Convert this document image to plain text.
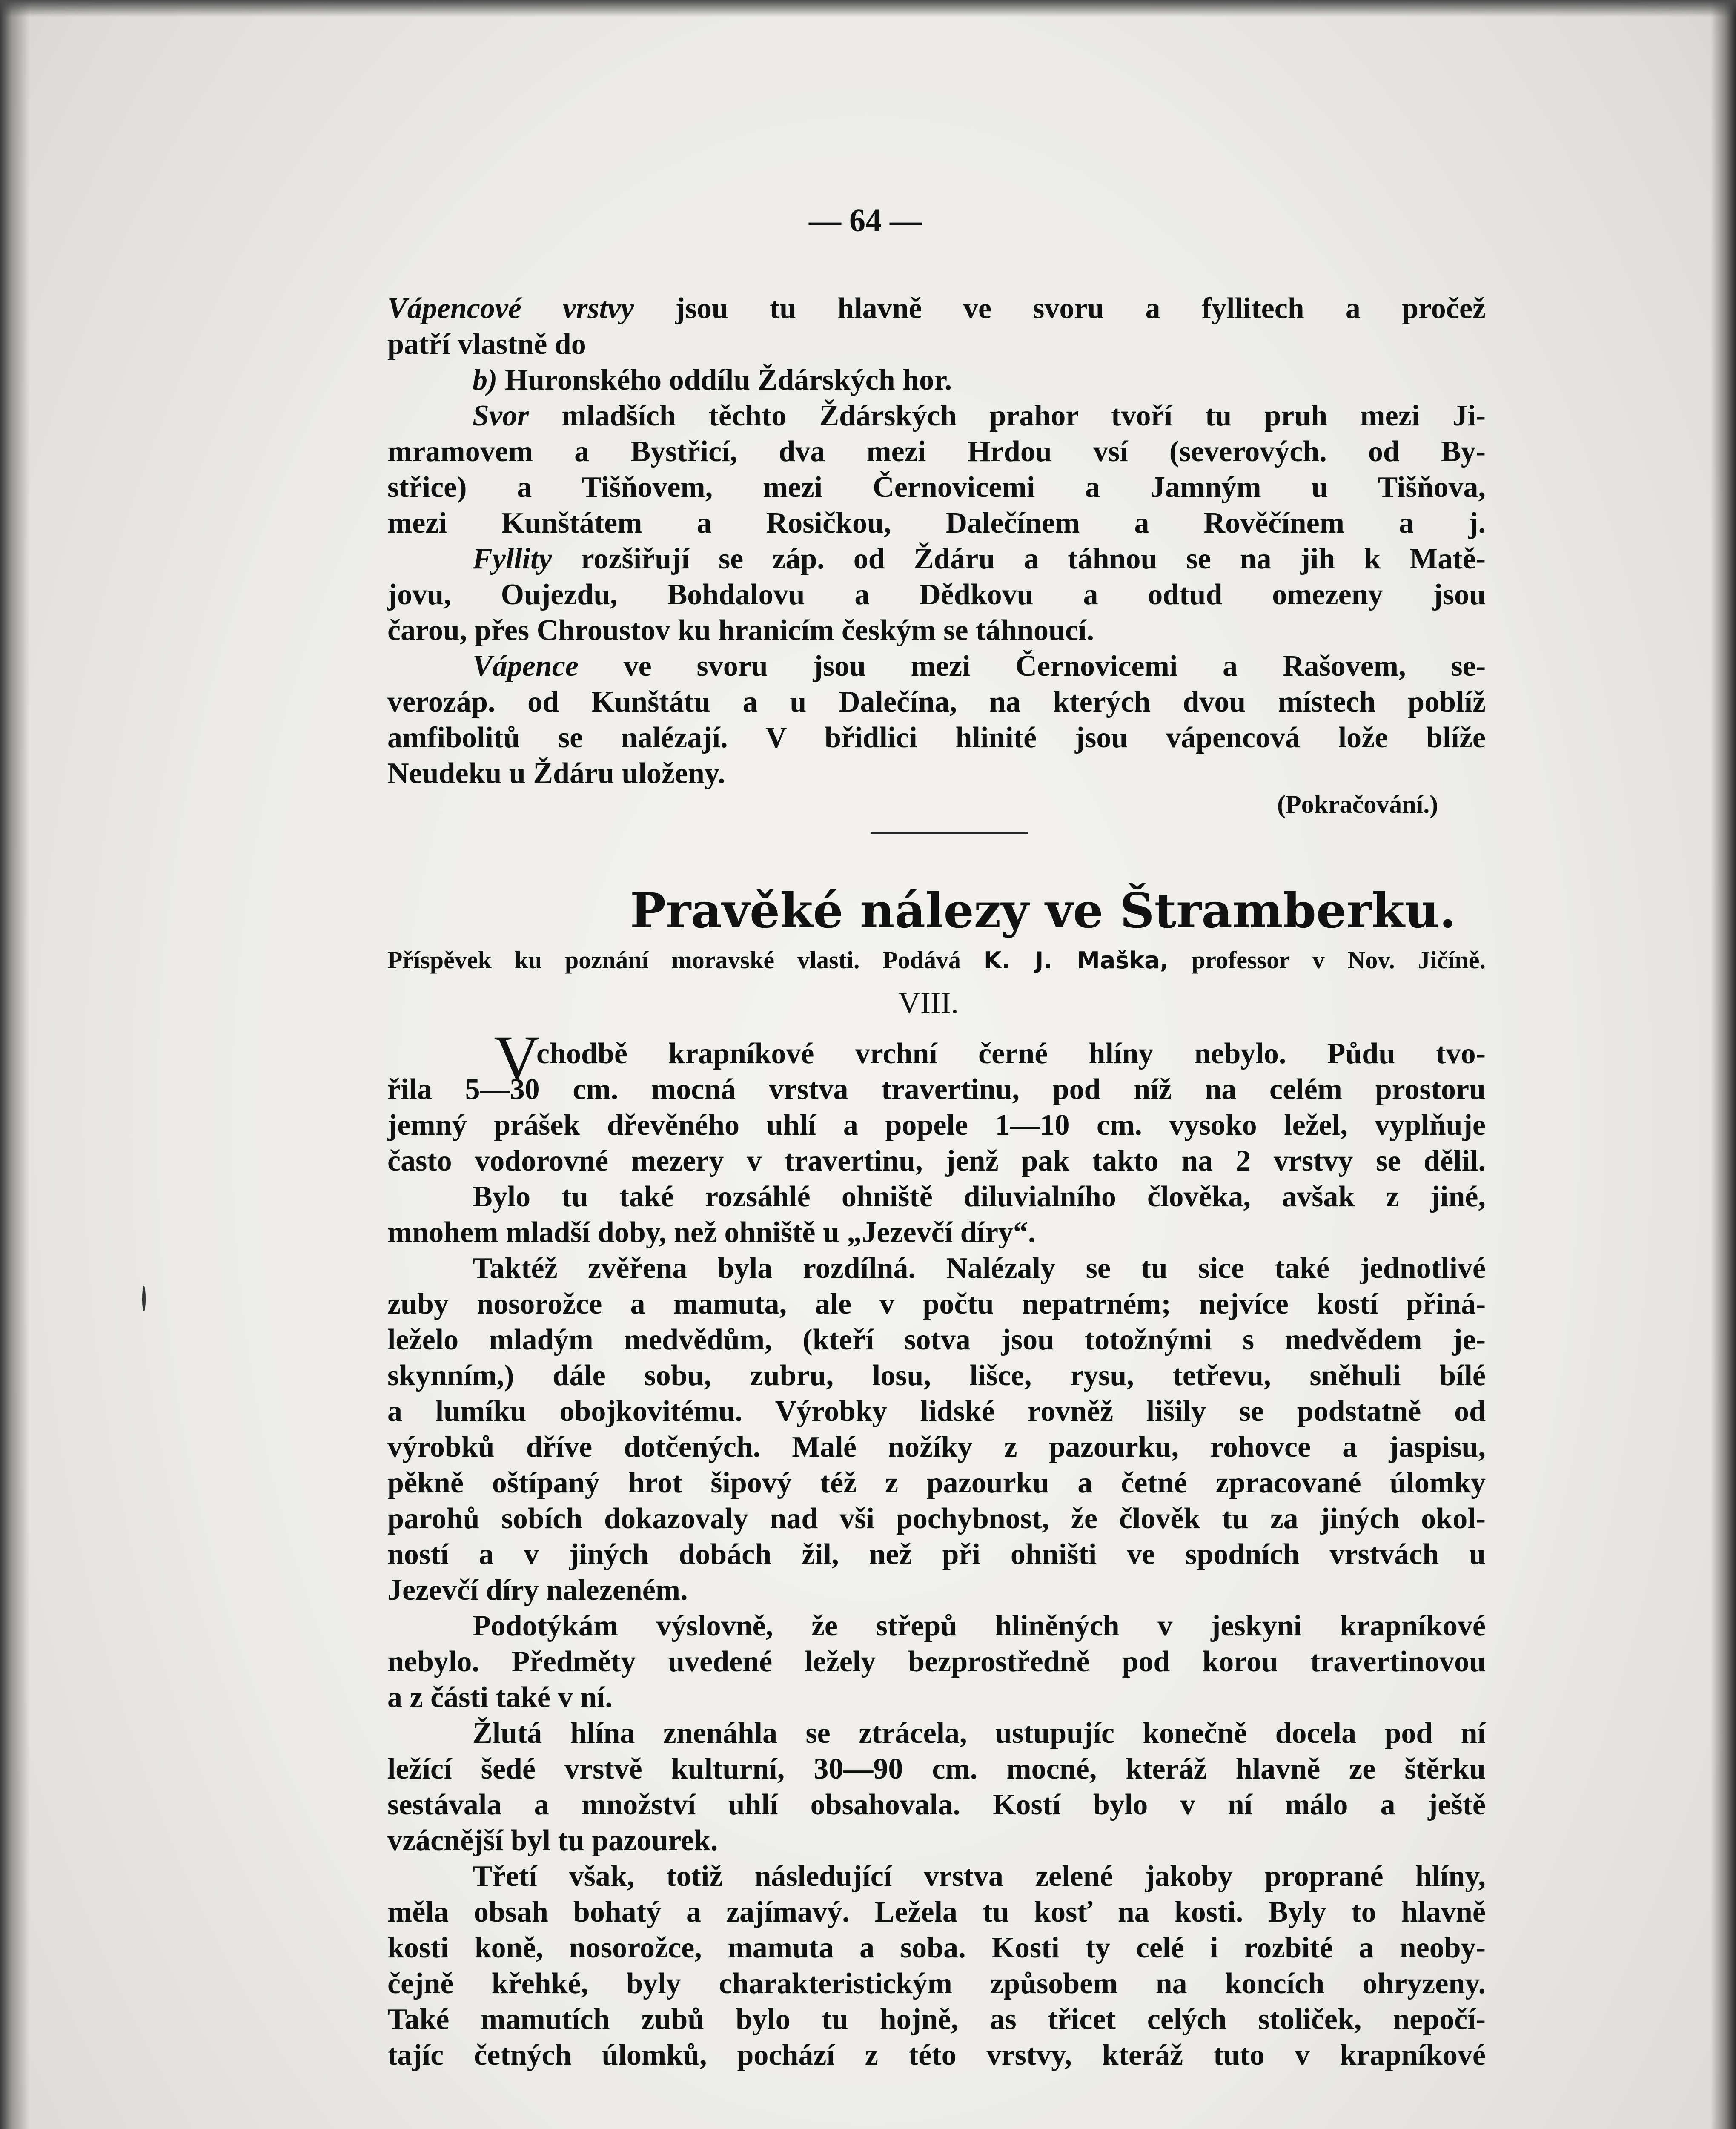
— 64 —
Vápencové vrstvy jsou tu hlavně ve svoru a fyllitech a pročež
patří vlastně do
b) Huronského oddílu Ždárských hor.
Svor mladších těchto Ždárských prahor tvoří tu pruh mezi Ji-
mramovem a Bystřicí, dva mezi Hrdou vsí (severových. od By-
střice) a Tišňovem, mezi Černovicemi a Jamným u Tišňova,
mezi Kunštátem a Rosičkou, Dalečínem a Rověčínem a j.
Fyllity rozšiřují se záp. od Ždáru a táhnou se na jih k Matě-
jovu, Oujezdu, Bohdalovu a Dědkovu a odtud omezeny jsou
čarou, přes Chroustov ku hranicím českým se táhnoucí.
Vápence ve svoru jsou mezi Černovicemi a Rašovem, se-
verozáp. od Kunštátu a u Dalečína, na kterých dvou místech poblíž
amfibolitů se nalézají. V břidlici hlinité jsou vápencová lože blíže
Neudeku u Ždáru uloženy.
(Pokračování.)
Pravěké nálezy ve Štramberku.
Příspěvek ku poznání moravské vlasti. Podává K. J. Maška, professor v Nov. Jičíně.
VIII.
V
chodbě krapníkové vrchní černé hlíny nebylo. Půdu tvo-
řila 5—30 cm. mocná vrstva travertinu, pod níž na celém prostoru
jemný prášek dřevěného uhlí a popele 1—10 cm. vysoko ležel, vyplňuje
často vodorovné mezery v travertinu, jenž pak takto na 2 vrstvy se dělil.
Bylo tu také rozsáhlé ohniště diluvialního člověka, avšak z jiné,
mnohem mladší doby, než ohniště u „Jezevčí díry“.
Taktéž zvěřena byla rozdílná. Nalézaly se tu sice také jednotlivé
zuby nosorožce a mamuta, ale v počtu nepatrném; nejvíce kostí přiná-
leželo mladým medvědům, (kteří sotva jsou totožnými s medvědem je-
skynním,) dále sobu, zubru, losu, lišce, rysu, tetřevu, sněhuli bílé
a lumíku obojkovitému. Výrobky lidské rovněž lišily se podstatně od
výrobků dříve dotčených. Malé nožíky z pazourku, rohovce a jaspisu,
pěkně oštípaný hrot šipový též z pazourku a četné zpracované úlomky
parohů sobích dokazovaly nad vši pochybnost, že člověk tu za jiných okol-
ností a v jiných dobách žil, než při ohništi ve spodních vrstvách u
Jezevčí díry nalezeném.
Podotýkám výslovně, že střepů hliněných v jeskyni krapníkové
nebylo. Předměty uvedené ležely bezprostředně pod korou travertinovou
a z části také v ní.
Žlutá hlína znenáhla se ztrácela, ustupujíc konečně docela pod ní
ležící šedé vrstvě kulturní, 30—90 cm. mocné, kteráž hlavně ze štěrku
sestávala a množství uhlí obsahovala. Kostí bylo v ní málo a ještě
vzácnější byl tu pazourek.
Třetí však, totiž následující vrstva zelené jakoby proprané hlíny,
měla obsah bohatý a zajímavý. Ležela tu kosť na kosti. Byly to hlavně
kosti koně, nosorožce, mamuta a soba. Kosti ty celé i rozbité a neoby-
čejně křehké, byly charakteristickým způsobem na koncích ohryzeny.
Také mamutích zubů bylo tu hojně, as třicet celých stoliček, nepočí-
tajíc četných úlomků, pochází z této vrstvy, kteráž tuto v krapníkové
